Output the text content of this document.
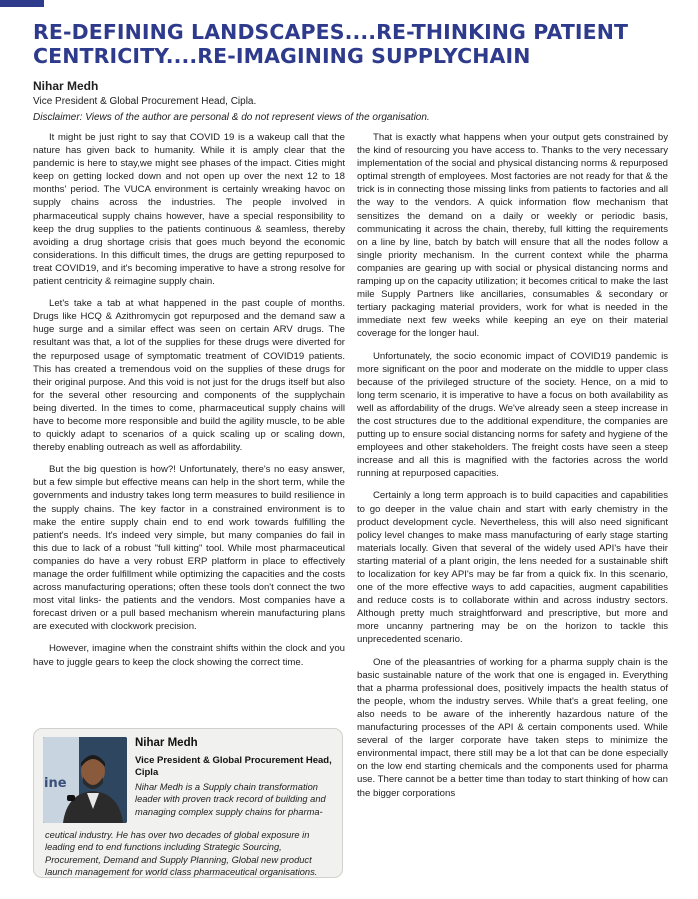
RE-DEFINING LANDSCAPES....RE-THINKING PATIENT CENTRICITY....RE-IMAGINING SUPPLYCHAIN
Nihar Medh
Vice President & Global Procurement Head, Cipla.
Disclaimer: Views of the author are personal & do not represent views of the organisation.

It might be just right to say that COVID 19 is a wakeup call that the nature has given back to humanity. While it is amply clear that the pandemic is here to stay,we might see phases of the impact. Cities might keep on getting locked down and not open up over the next 12 to 18 months' period. The VUCA environment is certainly wreaking havoc on supply chains across the industries. The people involved in pharmaceutical supply chains however, have a special responsibility to keep the drug supplies to the patients continuous & seamless, thereby avoiding a drug shortage crisis that goes much beyond the economic considerations. In this difficult times, the drugs are getting repurposed to treat COVID19, and it's becoming imperative to have a strong resolve for patient centricity & reimagine supply chain.

Let's take a tab at what happened in the past couple of months. Drugs like HCQ & Azithromycin got repurposed and the demand saw a huge surge and a similar effect was seen on certain ARV drugs. The resultant was that, a lot of the supplies for these drugs were diverted for the repurposed usage of symptomatic treatment of COVID19 patients. This has created a tremendous void on the supplies of these drugs for their original purpose. And this void is not just for the drugs itself but also for the several other resourcing and components of the supplychain being diverted. In the times to come, pharmaceutical supply chains will have to become more responsible and build the agility muscle, to be able to quickly adapt to scenarios of a quick scaling up or scaling down, thereby enabling outreach as well as affordability.

But the big question is how?! Unfortunately, there's no easy answer, but a few simple but effective means can help in the short term, while the governments and industry takes long term measures to build resilience in the supply chains. The key factor in a constrained environment is to make the entire supply chain end to end work towards fulfilling the patient's needs. It's indeed very simple, but many companies do fail in this due to lack of a robust "full kitting" tool. While most pharmaceutical companies do have a very robust ERP platform in place to effectively manage the order fulfillment while optimizing the capacities and the costs across manufacturing operations; often these tools don't connect the two most vital links- the patients and the vendors. Most companies have a forecast driven or a pull based mechanism wherein manufacturing plans are executed with clockwork precision.

However, imagine when the constraint shifts within the clock and you have to juggle gears to keep the clock showing the correct time.

That is exactly what happens when your output gets constrained by the kind of resourcing you have access to. Thanks to the very necessary implementation of the social and physical distancing norms & repurposed optimal strength of employees. Most factories are not ready for that & the trick is in connecting those missing links from patients to factories and all the way to the vendors. A quick information flow mechanism that sensitizes the demand on a daily or weekly or periodic basis, communicating it across the chain, thereby, full kitting the requirements on a line by line, batch by batch will ensure that all the nodes follow a single priority mechanism. In the current context while the pharma companies are gearing up with social or physical distancing norms and ramping up on the capacity utilization; it becomes critical to make the last mile Supply Partners like ancillaries, consumables & secondary or tertiary packaging material providers, work for what is needed in the immediate next few weeks while keeping an eye on their material coverage for the longer haul.

Unfortunately, the socio economic impact of COVID19 pandemic is more significant on the poor and moderate on the middle to upper class because of the privileged structure of the society. Hence, on a mid to long term scenario, it is imperative to have a focus on both availability as well as affordability of the drugs. We've already seen a steep increase in the cost structures due to the additional expenditure, the companies are putting up to ensure social distancing norms for safety and hygiene of the employees and other stakeholders. The freight costs have seen a steep increase and all this is magnified with the factories across the world running at repurposed capacities.

Certainly a long term approach is to build capacities and capabilities to go deeper in the value chain and start with early chemistry in the product development cycle. Nevertheless, this will also need significant policy level changes to make mass manufacturing of early stage starting materials locally. Given that several of the widely used API's have their starting material of a plant origin, the lens needed for a sustainable shift to localization for key API's may be far from a quick fix. In this scenario, one of the more effective ways to add capacities, augment capabilities and reduce costs is to collaborate within and across industry sectors. Although pretty much straightforward and prescriptive, but more and more uncanny partnering may be on the horizon to tackle this unprecedented scenario.

One of the pleasantries of working for a pharma supply chain is the basic sustainable nature of the work that one is engaged in. Everything that a pharma professional does, positively impacts the health status of the people, whom the industry serves. While that's a great feeling, one also needs to be aware of the inherently hazardous nature of the manufacturing processes of the API & certain components used. While several of the larger corporate have taken steps to minimize the environmental impact, there still may be a lot that can be done especially on the low end starting chemicals and the components used for pharma use. There cannot be a better time than today to start thinking of how can the bigger corporations

ine
Nihar Medh
Vice President & Global Procurement Head, Cipla
Nihar Medh is a Supply chain transformation leader with proven track record of building and managing complex supply chains for pharma-
ceutical industry. He has over two decades of global exposure in leading end to end functions including Strategic Sourcing, Procurement, Demand and Supply Planning, Global new product launch management for world class pharmaceutical organisations.
